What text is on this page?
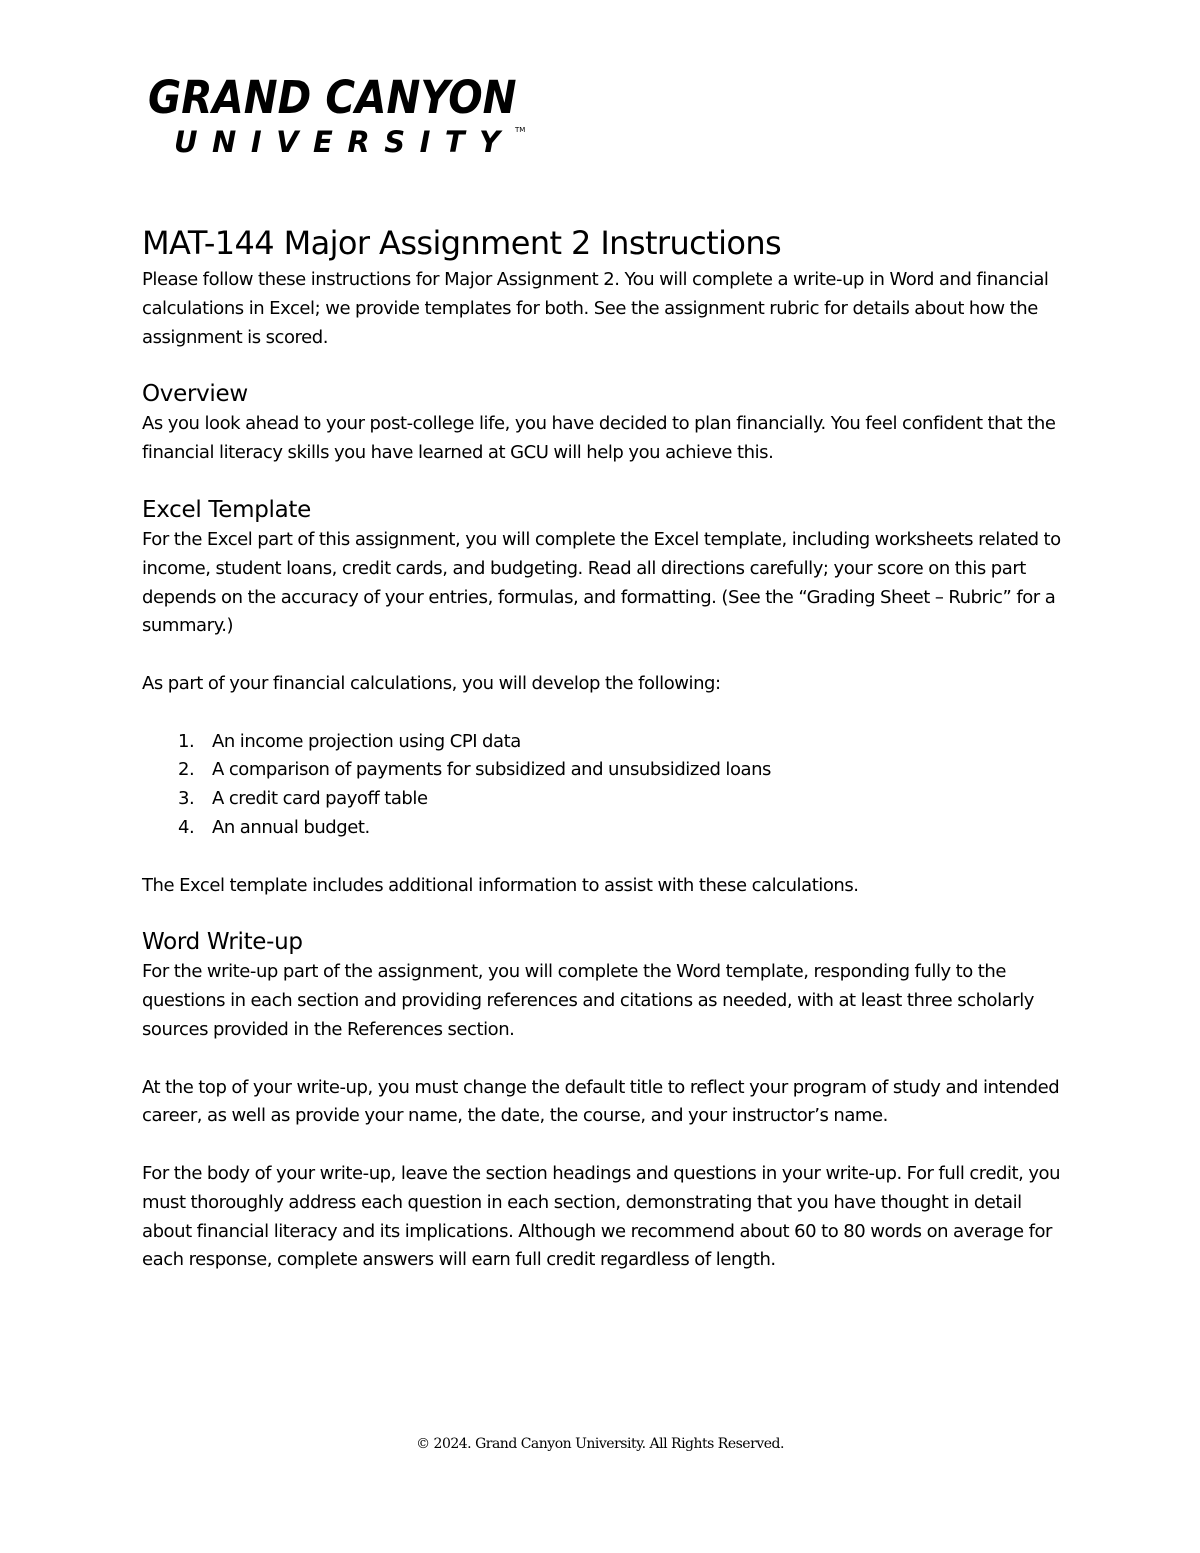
GRAND CANYON
UNIVERSITY TM
MAT-144 Major Assignment 2 Instructions

Please follow these instructions for Major Assignment 2. You will complete a write-up in Word and financial calculations in Excel; we provide templates for both. See the assignment rubric for details about how the assignment is scored.

Overview

As you look ahead to your post-college life, you have decided to plan financially. You feel confident that the financial literacy skills you have learned at GCU will help you achieve this.

Excel Template

For the Excel part of this assignment, you will complete the Excel template, including worksheets related to income, student loans, credit cards, and budgeting. Read all directions carefully; your score on this part depends on the accuracy of your entries, formulas, and formatting. (See the “Grading Sheet – Rubric” for a summary.)

As part of your financial calculations, you will develop the following:

1. An income projection using CPI data
2. A comparison of payments for subsidized and unsubsidized loans
3. A credit card payoff table
4. An annual budget.

The Excel template includes additional information to assist with these calculations.

Word Write-up

For the write-up part of the assignment, you will complete the Word template, responding fully to the questions in each section and providing references and citations as needed, with at least three scholarly sources provided in the References section.

At the top of your write-up, you must change the default title to reflect your program of study and intended career, as well as provide your name, the date, the course, and your instructor’s name.

For the body of your write-up, leave the section headings and questions in your write-up. For full credit, you must thoroughly address each question in each section, demonstrating that you have thought in detail about financial literacy and its implications. Although we recommend about 60 to 80 words on average for each response, complete answers will earn full credit regardless of length.

© 2024. Grand Canyon University. All Rights Reserved.
